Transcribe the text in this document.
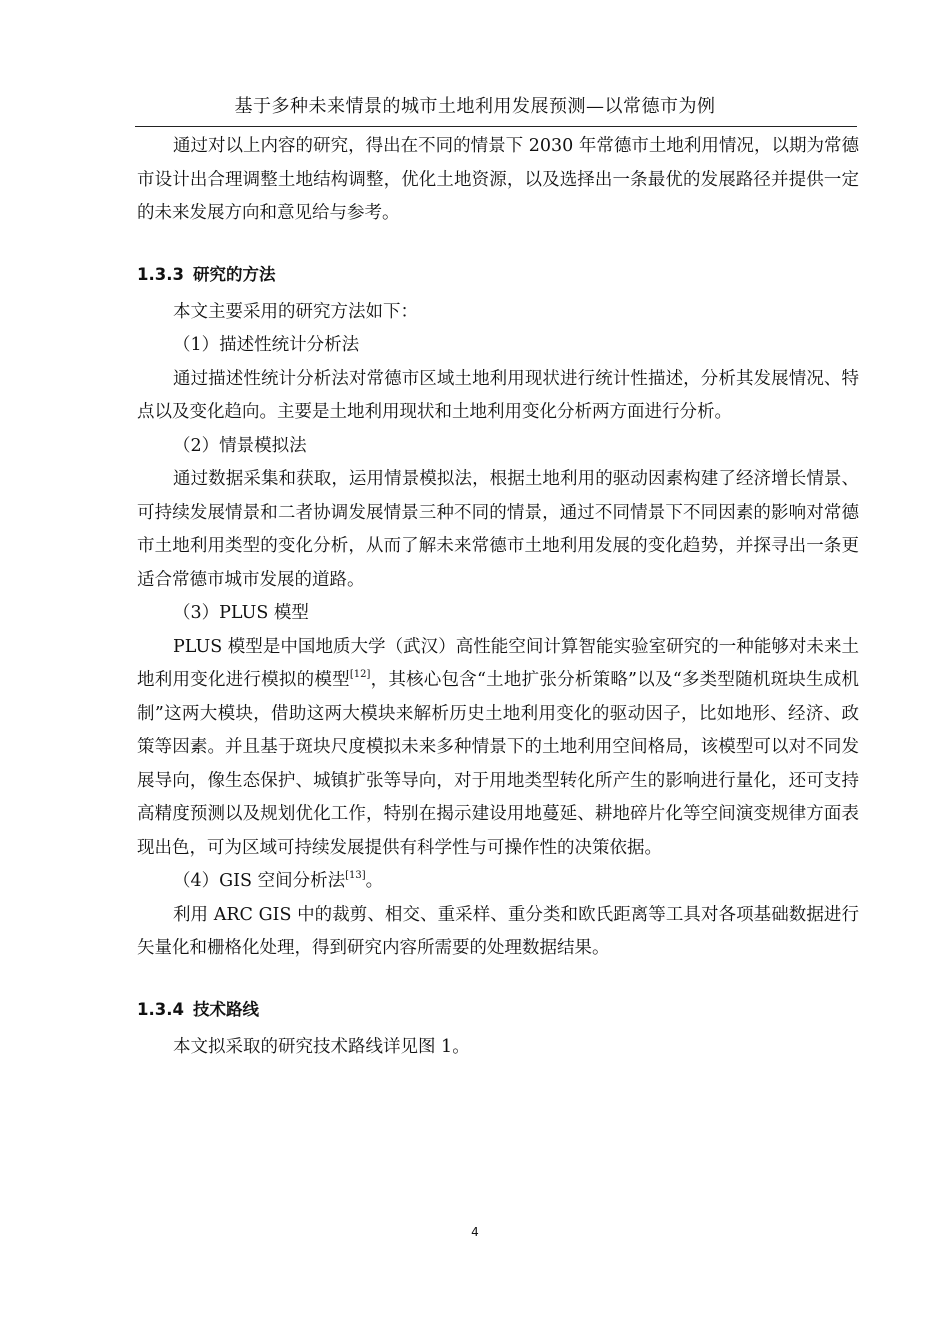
基于多种未来情景的城市土地利用发展预测—以常德市为例

通过对以上内容的研究，得出在不同的情景下 2030 年常德市土地利用情况，以期为常德市设计出合理调整土地结构调整，优化土地资源，以及选择出一条最优的发展路径并提供一定的未来发展方向和意见给与参考。

1.3.3 研究的方法

本文主要采用的研究方法如下：

（1）描述性统计分析法

通过描述性统计分析法对常德市区域土地利用现状进行统计性描述，分析其发展情况、特点以及变化趋向。主要是土地利用现状和土地利用变化分析两方面进行分析。

（2）情景模拟法

通过数据采集和获取，运用情景模拟法，根据土地利用的驱动因素构建了经济增长情景、可持续发展情景和二者协调发展情景三种不同的情景，通过不同情景下不同因素的影响对常德市土地利用类型的变化分析，从而了解未来常德市土地利用发展的变化趋势，并探寻出一条更适合常德市城市发展的道路。

（3）PLUS 模型

PLUS 模型是中国地质大学（武汉）高性能空间计算智能实验室研究的一种能够对未来土地利用变化进行模拟的模型[12]，其核心包含“土地扩张分析策略”以及“多类型随机斑块生成机制”这两大模块，借助这两大模块来解析历史土地利用变化的驱动因子，比如地形、经济、政策等因素。并且基于斑块尺度模拟未来多种情景下的土地利用空间格局，该模型可以对不同发展导向，像生态保护、城镇扩张等导向，对于用地类型转化所产生的影响进行量化，还可支持高精度预测以及规划优化工作，特别在揭示建设用地蔓延、耕地碎片化等空间演变规律方面表现出色，可为区域可持续发展提供有科学性与可操作性的决策依据。

（4）GIS 空间分析法[13]。

利用 ARC GIS 中的裁剪、相交、重采样、重分类和欧氏距离等工具对各项基础数据进行矢量化和栅格化处理，得到研究内容所需要的处理数据结果。

1.3.4 技术路线

本文拟采取的研究技术路线详见图 1。

4
